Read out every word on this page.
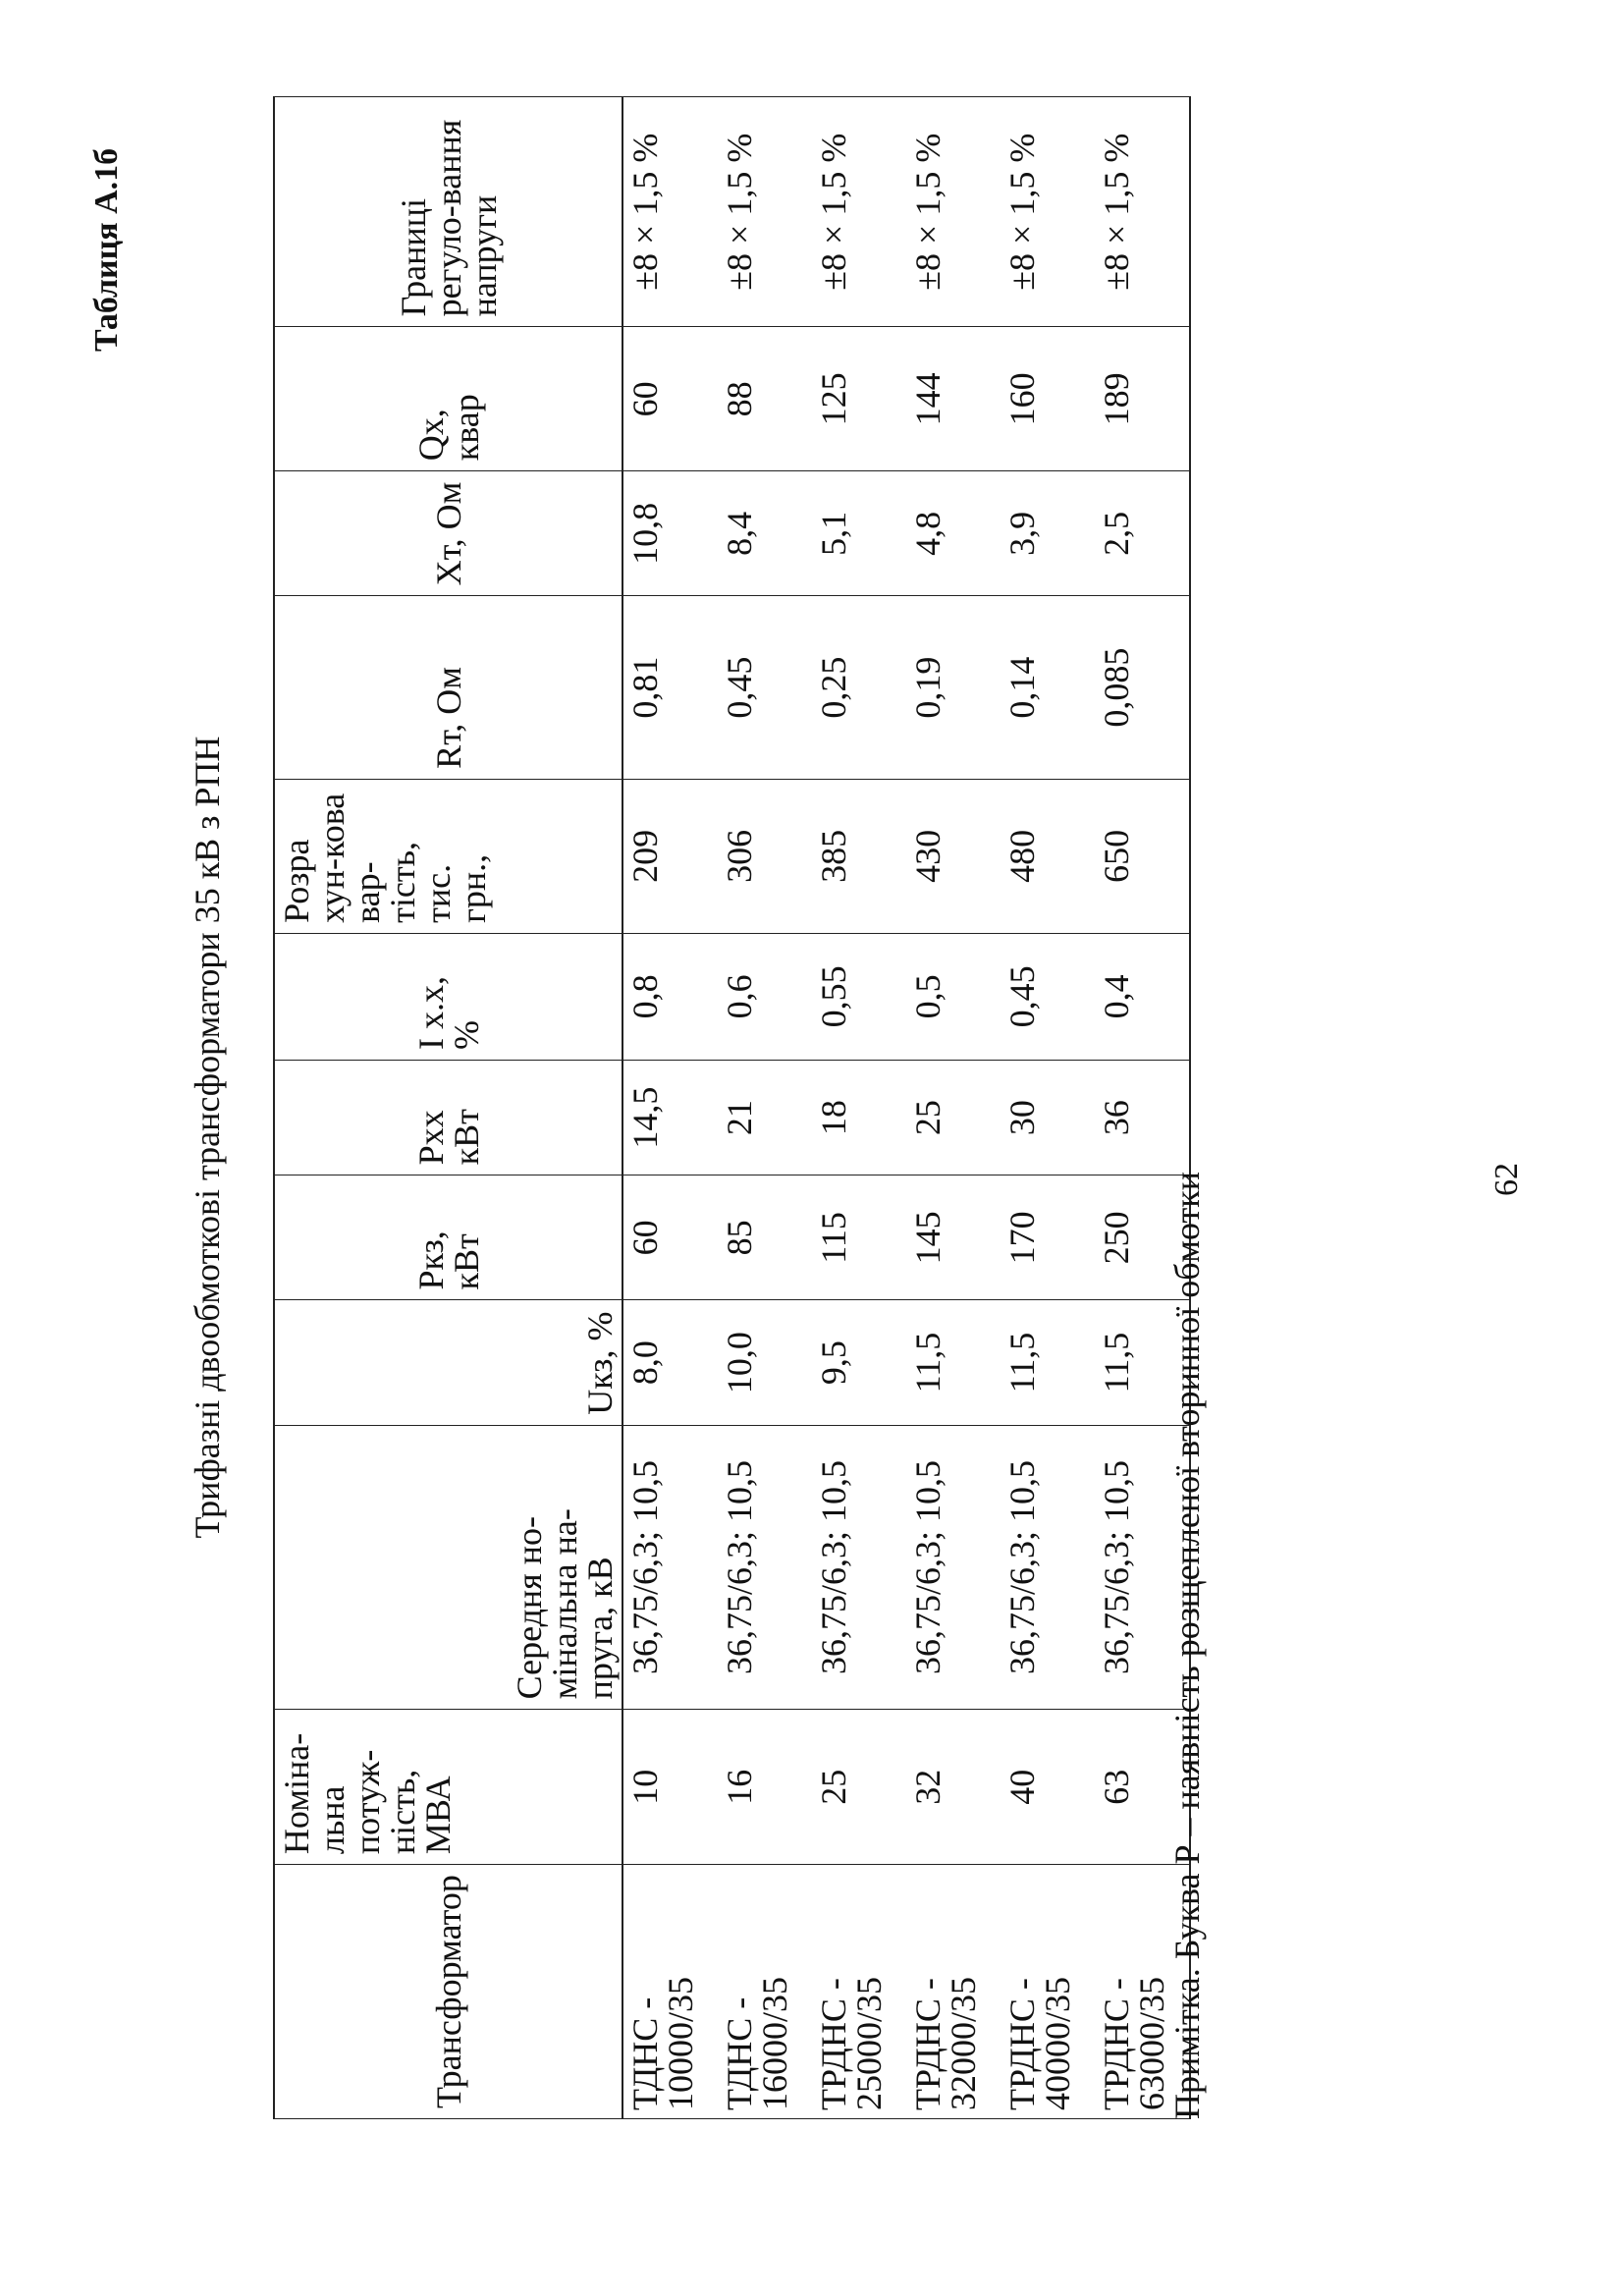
Таблиця А.1б
Трифазні двообмоткові трансформатори 35 кВ з РПН
Трансформатор	Номіна-льна потуж-ність, МВА	Середня но-мінальна на-пруга, кВ	Uкз, %	Pкз, кВт	Pхх кВт	I х.х, %	Розра хун-кова вар-тість, тис. грн.,	Rт, Ом	Xт, Ом	Qx, квар	Границі регуло-вання напруги
ТДНС - 10000/35	10	36,75/6,3; 10,5	8,0	60	14,5	0,8	209	0,81	10,8	60	±8 × 1,5 %
ТДНС - 16000/35	16	36,75/6,3; 10,5	10,0	85	21	0,6	306	0,45	8,4	88	±8 × 1,5 %
ТРДНС - 25000/35	25	36,75/6,3; 10,5	9,5	115	18	0,55	385	0,25	5,1	125	±8 × 1,5 %
ТРДНС - 32000/35	32	36,75/6,3; 10,5	11,5	145	25	0,5	430	0,19	4,8	144	±8 × 1,5 %
ТРДНС - 40000/35	40	36,75/6,3; 10,5	11,5	170	30	0,45	480	0,14	3,9	160	±8 × 1,5 %
ТРДНС - 63000/35	63	36,75/6,3; 10,5	11,5	250	36	0,4	650	0,085	2,5	189	±8 × 1,5 %
Примітка. Буква Р – наявність розщепленої вторинної обмотки	62
